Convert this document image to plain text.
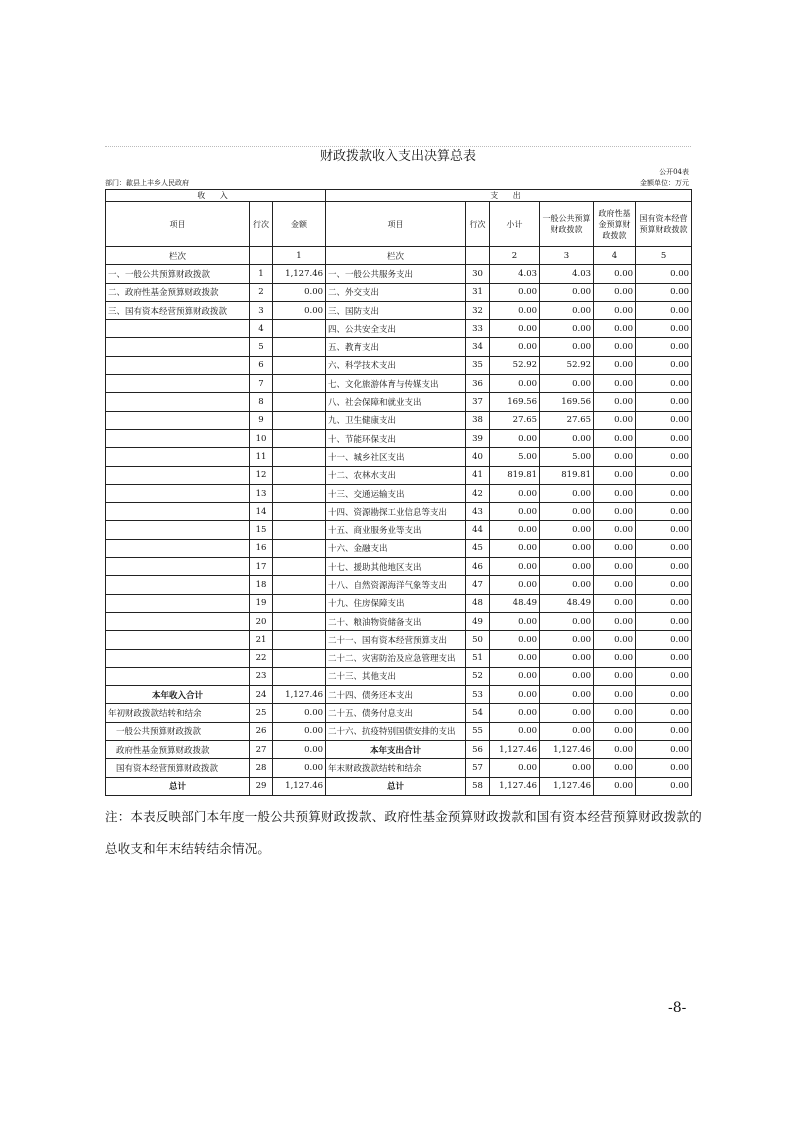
财政拨款收入支出决算总表
公开04表
部门：歙县上丰乡人民政府	金额单位：万元
收 入			支 出					
项目	行次	金额	项目	行次	小计	一般公共预算财政拨款	政府性基金预算财政拨款	国有资本经营预算财政拨款
栏次		1	栏次		2	3	4	5
一、一般公共预算财政拨款	1	1,127.46	一、一般公共服务支出	30	4.03	4.03	0.00	0.00
二、政府性基金预算财政拨款	2	0.00	二、外交支出	31	0.00	0.00	0.00	0.00
三、国有资本经营预算财政拨款	3	0.00	三、国防支出	32	0.00	0.00	0.00	0.00
	4		四、公共安全支出	33	0.00	0.00	0.00	0.00
	5		五、教育支出	34	0.00	0.00	0.00	0.00
	6		六、科学技术支出	35	52.92	52.92	0.00	0.00
	7		七、文化旅游体育与传媒支出	36	0.00	0.00	0.00	0.00
	8		八、社会保障和就业支出	37	169.56	169.56	0.00	0.00
	9		九、卫生健康支出	38	27.65	27.65	0.00	0.00
	10		十、节能环保支出	39	0.00	0.00	0.00	0.00
	11		十一、城乡社区支出	40	5.00	5.00	0.00	0.00
	12		十二、农林水支出	41	819.81	819.81	0.00	0.00
	13		十三、交通运输支出	42	0.00	0.00	0.00	0.00
	14		十四、资源勘探工业信息等支出	43	0.00	0.00	0.00	0.00
	15		十五、商业服务业等支出	44	0.00	0.00	0.00	0.00
	16		十六、金融支出	45	0.00	0.00	0.00	0.00
	17		十七、援助其他地区支出	46	0.00	0.00	0.00	0.00
	18		十八、自然资源海洋气象等支出	47	0.00	0.00	0.00	0.00
	19		十九、住房保障支出	48	48.49	48.49	0.00	0.00
	20		二十、粮油物资储备支出	49	0.00	0.00	0.00	0.00
	21		二十一、国有资本经营预算支出	50	0.00	0.00	0.00	0.00
	22		二十二、灾害防治及应急管理支出	51	0.00	0.00	0.00	0.00
	23		二十三、其他支出	52	0.00	0.00	0.00	0.00
本年收入合计	24	1,127.46	二十四、债务还本支出	53	0.00	0.00	0.00	0.00
年初财政拨款结转和结余	25	0.00	二十五、债务付息支出	54	0.00	0.00	0.00	0.00
一般公共预算财政拨款	26	0.00	二十六、抗疫特别国债安排的支出	55	0.00	0.00	0.00	0.00
政府性基金预算财政拨款	27	0.00	本年支出合计	56	1,127.46	1,127.46	0.00	0.00
国有资本经营预算财政拨款	28	0.00	年末财政拨款结转和结余	57	0.00	0.00	0.00	0.00
总计	29	1,127.46	总计	58	1,127.46	1,127.46	0.00	0.00
注：本表反映部门本年度一般公共预算财政拨款、政府性基金预算财政拨款和国有资本经营预算财政拨款的总收支和年末结转结余情况。
-8-
